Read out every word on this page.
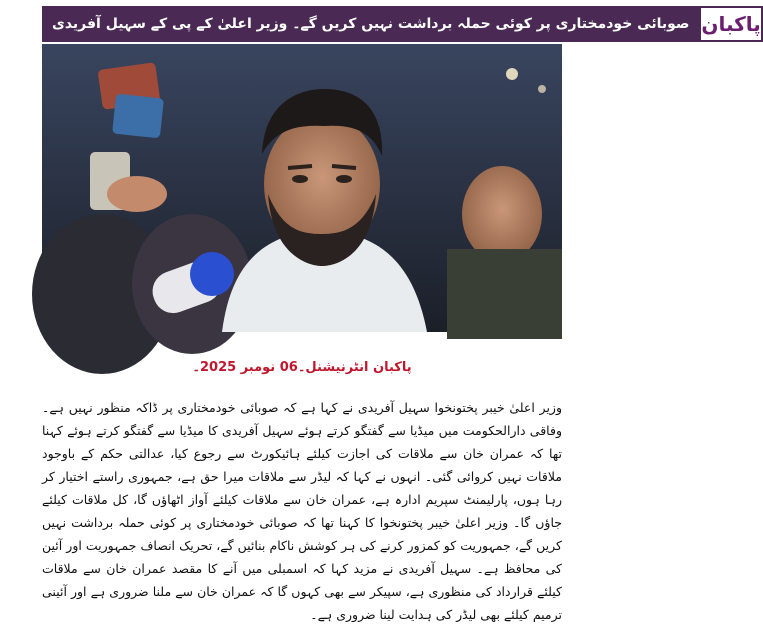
صوبائی خودمختاری پر کوئی حملہ برداشت نہیں کریں گے۔ وزیر اعلیٰ کے پی کے سہیل آفریدی پاکبان
پاکبان انٹرنیشنل۔06 نومبر 2025۔

وزیر اعلیٰ خیبر پختونخوا سہیل آفریدی نے کہا ہے کہ صوبائی خودمختاری پر ڈاکہ منظور نہیں ہے۔ وفاقی دارالحکومت میں میڈیا سے گفتگو کرتے ہوئے سہیل آفریدی کا میڈیا سے گفتگو کرتے ہوئے کہنا تھا کہ عمران خان سے ملاقات کی اجازت کیلئے ہائیکورٹ سے رجوع کیا، عدالتی حکم کے باوجود ملاقات نہیں کروائی گئی۔ انہوں نے کہا کہ لیڈر سے ملاقات میرا حق ہے، جمہوری راستے اختیار کر رہا ہوں، پارلیمنٹ سپریم ادارہ ہے، عمران خان سے ملاقات کیلئے آواز اٹھاؤں گا، کل ملاقات کیلئے جاؤں گا۔ وزیر اعلیٰ خیبر پختونخوا کا کہنا تھا کہ صوبائی خودمختاری پر کوئی حملہ برداشت نہیں کریں گے، جمہوریت کو کمزور کرنے کی ہر کوشش ناکام بنائیں گے، تحریک انصاف جمہوریت اور آئین کی محافظ ہے۔ سہیل آفریدی نے مزید کہا کہ اسمبلی میں آنے کا مقصد عمران خان سے ملاقات کیلئے قرارداد کی منظوری ہے، سپیکر سے بھی کہوں گا کہ عمران خان سے ملنا ضروری ہے اور آئینی ترمیم کیلئے بھی لیڈر کی ہدایت لینا ضروری ہے۔
